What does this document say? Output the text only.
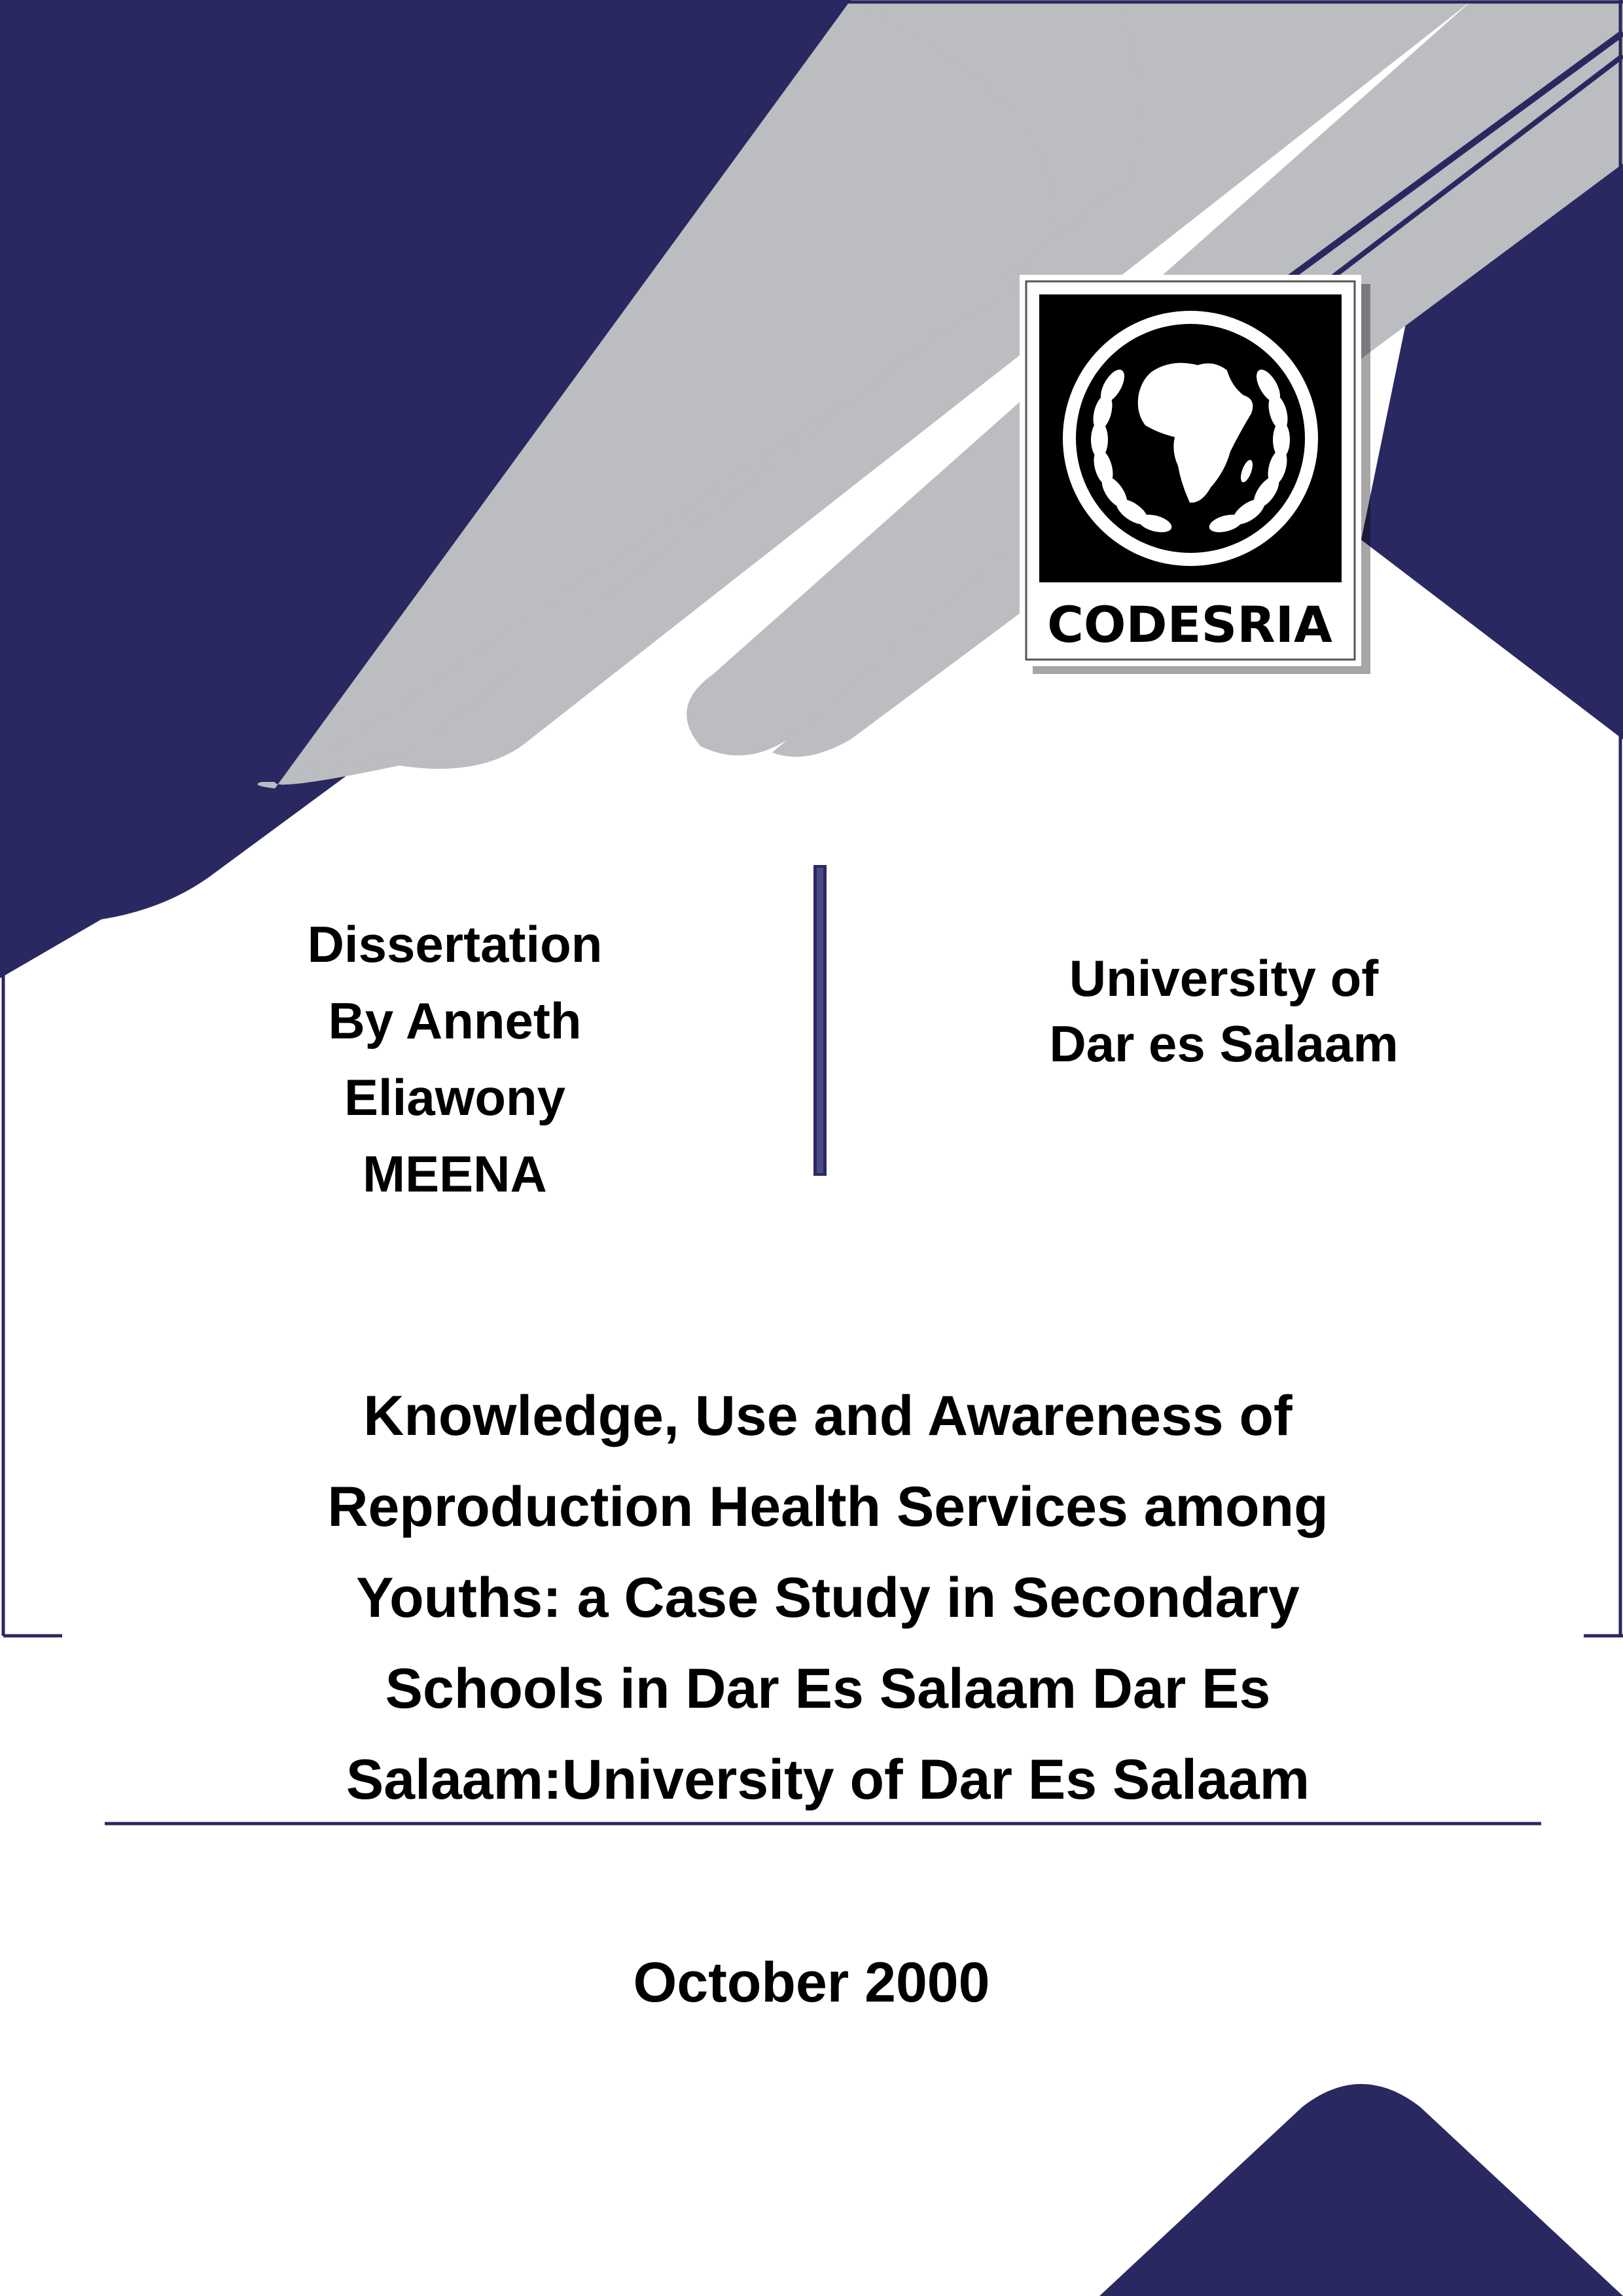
CODESRIA
Dissertation
By Anneth
Eliawony
MEENA
University of
Dar es Salaam
Knowledge, Use and Awareness of
Reproduction Health Services among
Youths: a Case Study in Secondary
Schools in Dar Es Salaam Dar Es
Salaam:University of Dar Es Salaam
October 2000
